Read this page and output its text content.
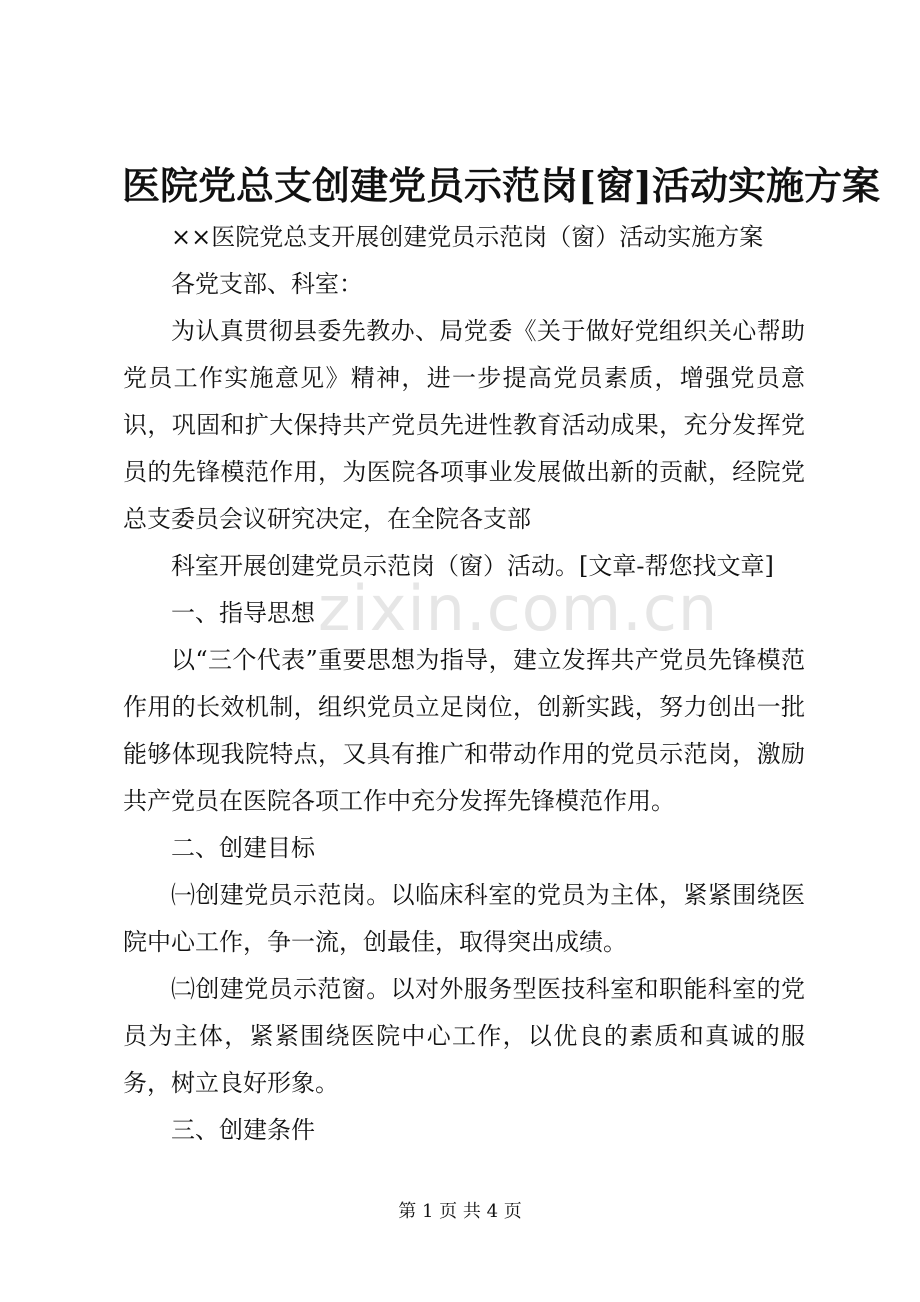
医院党总支创建党员示范岗[窗]活动实施方案

××医院党总支开展创建党员示范岗（窗）活动实施方案

各党支部、科室：

为认真贯彻县委先教办、局党委《关于做好党组织关心帮助党员工作实施意见》精神，进一步提高党员素质，增强党员意识，巩固和扩大保持共产党员先进性教育活动成果，充分发挥党员的先锋模范作用，为医院各项事业发展做出新的贡献，经院党总支委员会议研究决定，在全院各支部

科室开展创建党员示范岗（窗）活动。[文章-帮您找文章]

一、指导思想

以“三个代表”重要思想为指导，建立发挥共产党员先锋模范作用的长效机制，组织党员立足岗位，创新实践，努力创出一批能够体现我院特点，又具有推广和带动作用的党员示范岗，激励共产党员在医院各项工作中充分发挥先锋模范作用。

二、创建目标

㈠创建党员示范岗。以临床科室的党员为主体，紧紧围绕医院中心工作，争一流，创最佳，取得突出成绩。

㈡创建党员示范窗。以对外服务型医技科室和职能科室的党员为主体，紧紧围绕医院中心工作，以优良的素质和真诚的服务，树立良好形象。

三、创建条件

zixin.com.cn
第 1 页 共 4 页
